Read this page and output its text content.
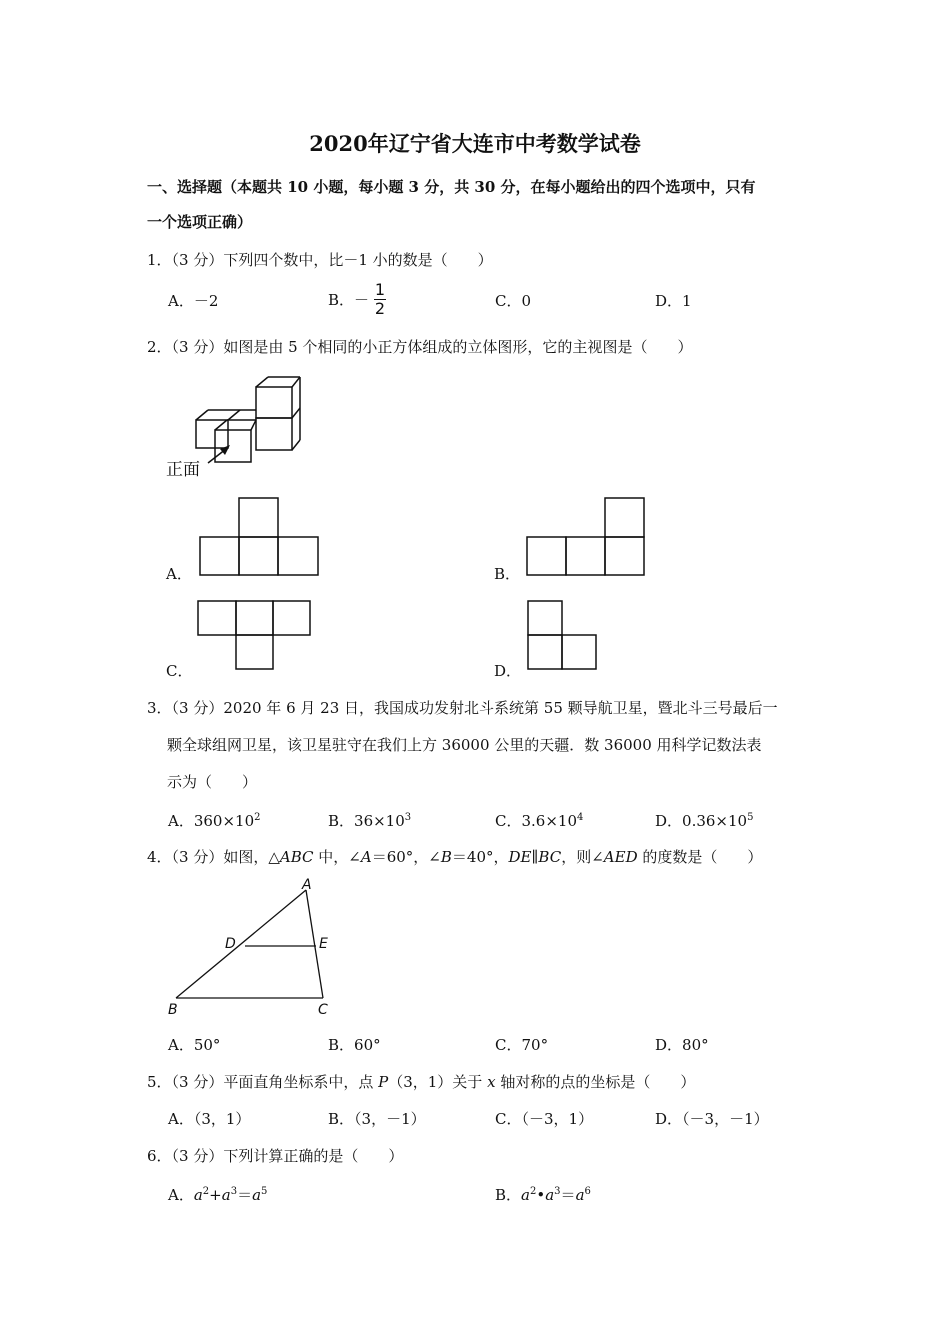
2020年辽宁省大连市中考数学试卷
一、选择题（本题共 10 小题，每小题 3 分，共 30 分，在每小题给出的四个选项中，只有
一个选项正确）
1．（3 分）下列四个数中，比－1 小的数是（　　）
A．－2	B．－ $\frac{1}{2}$	C．0	D．1
2．（3 分）如图是由 5 个相同的小正方体组成的立体图形，它的主视图是（　　）
正面
A．	B．
C．	D．
3．（3 分）2020 年 6 月 23 日，我国成功发射北斗系统第 55 颗导航卫星，暨北斗三号最后一
颗全球组网卫星，该卫星驻守在我们上方 36000 公里的天疆．数 36000 用科学记数法表
示为（　　）
A．$360\times 10^2$	B．$36\times 10^3$	C．$3.6\times 10^4$	D．$0.36\times 10^5$
4．（3 分）如图，△ABC 中，∠A＝60°，∠B＝40°，DE∥BC，则∠AED 的度数是（　　）
A
D	E
B	C
A．50°	B．60°	C．70°	D．80°
5．（3 分）平面直角坐标系中，点 P（3，1）关于 x 轴对称的点的坐标是（　　）
A．（3，1）	B．（3，－1）	C．（－3，1）	D．（－3，－1）
6．（3 分）下列计算正确的是（　　）
A．$a^2+a^3=a^5$	B．$a^2•a^3=a^6$
